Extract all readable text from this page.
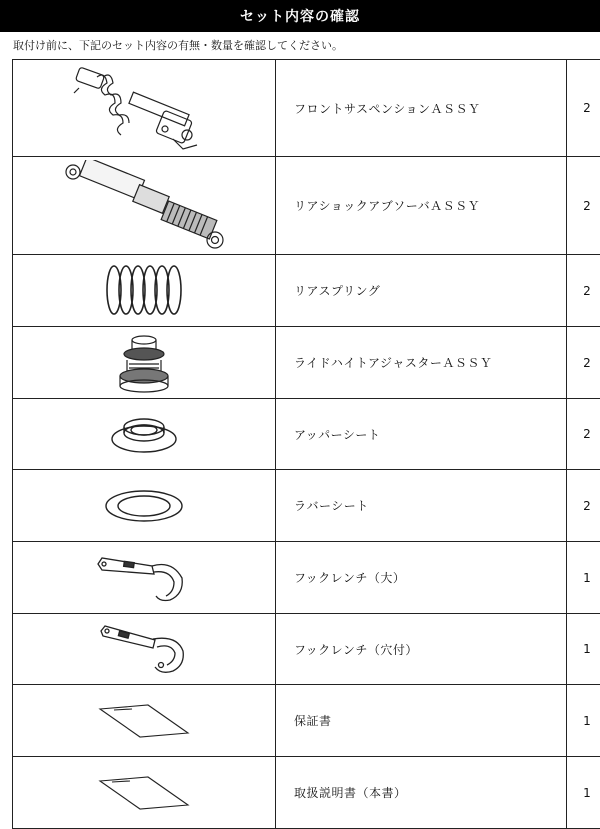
セット内容の確認
取付け前に、下記のセット内容の有無・数量を確認してください。
	フロントサスペンションＡＳＳＹ	2

	リアショックアブソーバＡＳＳＹ	2

	リアスプリング	2

	ライドハイトアジャスターＡＳＳＹ	2

	アッパーシート	2

	ラバーシート	2

	フックレンチ（大）	1

	フックレンチ（穴付）	1

	保証書	1

	取扱説明書（本書）	1
